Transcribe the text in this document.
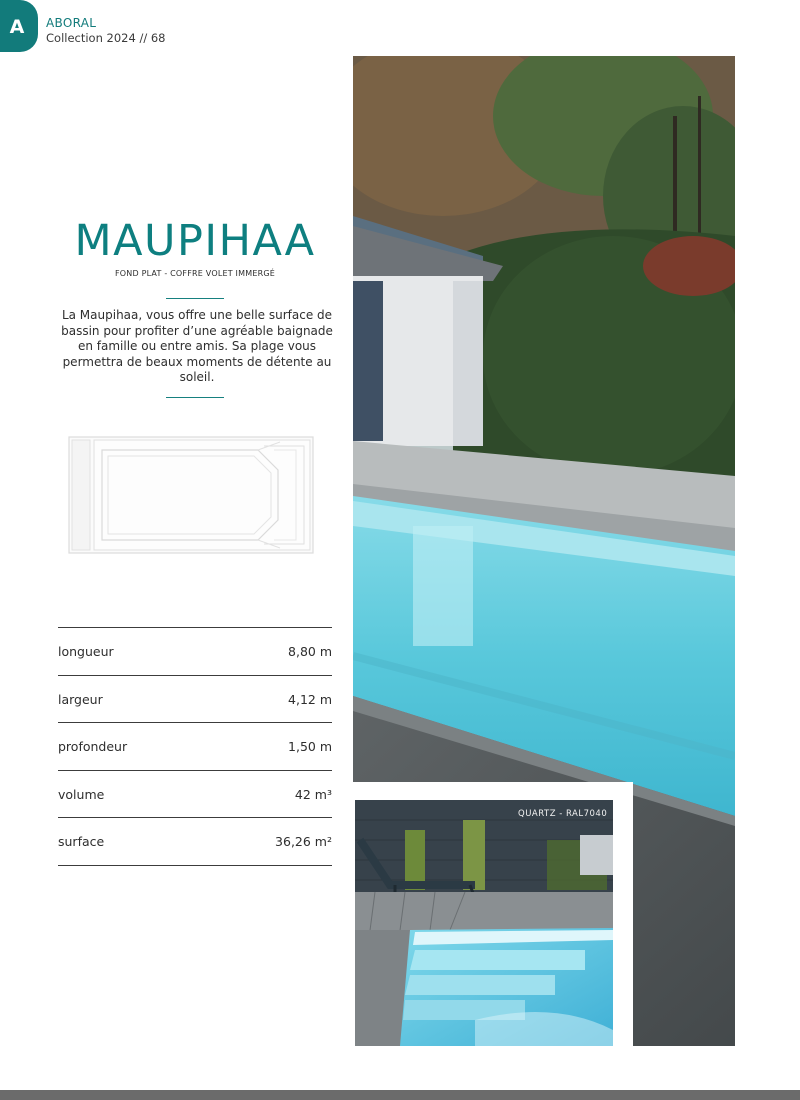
A ABORAL
Collection 2024 // 68
MAUPIHAA
FOND PLAT - COFFRE VOLET IMMERGÉ
La Maupihaa, vous offre une belle surface de bassin pour profiter d’une agréable baignade en famille ou entre amis. Sa plage vous permettra de beaux moments de détente au soleil.
longueur	8,80 m
largeur	4,12 m
profondeur	1,50 m
volume	42 m³
surface	36,26 m²
QUARTZ - RAL7040
